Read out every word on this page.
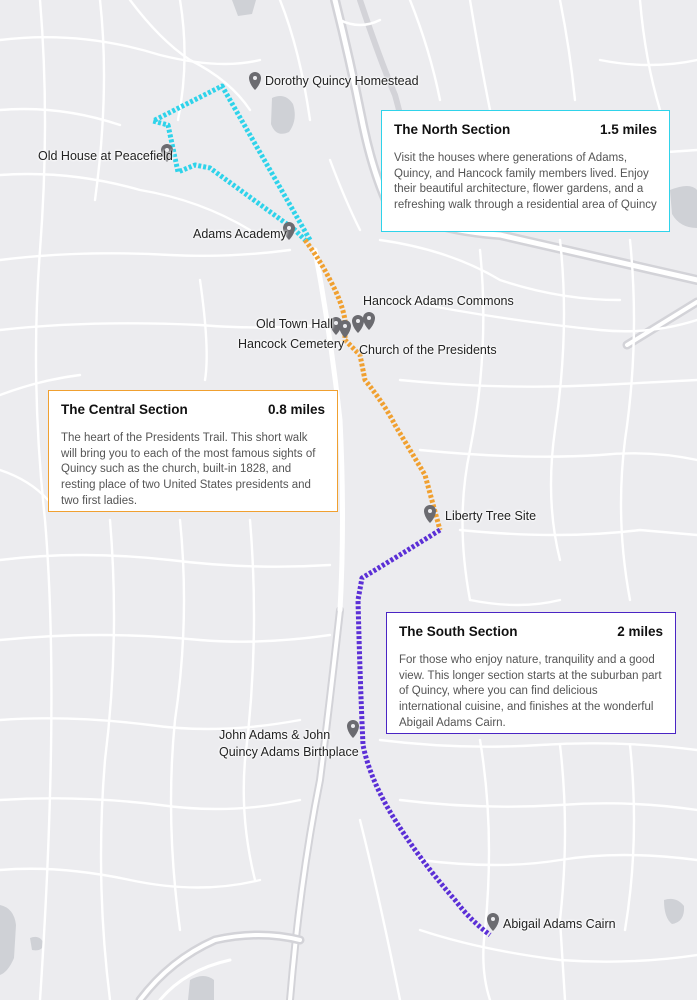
Dorothy Quincy Homestead
Old House at Peacefield
Adams Academy
Hancock Adams Commons
Old Town Hall
Hancock Cemetery Church of the Presidents
Liberty Tree Site
John Adams & John
Quincy Adams Birthplace
Abigail Adams Cairn
The North Section	1.5 miles
Visit the houses where generations of Adams, Quincy, and Hancock family members lived. Enjoy their beautiful architecture, flower gardens, and a refreshing walk through a residential area of Quincy
The Central Section	0.8 miles
The heart of the Presidents Trail. This short walk will bring you to each of the most famous sights of Quincy such as the church, built-in 1828, and resting place of two United States presidents and two first ladies.
The South Section	2 miles
For those who enjoy nature, tranquility and a good view. This longer section starts at the suburban part of Quincy, where you can find delicious international cuisine, and finishes at the wonderful Abigail Adams Cairn.
